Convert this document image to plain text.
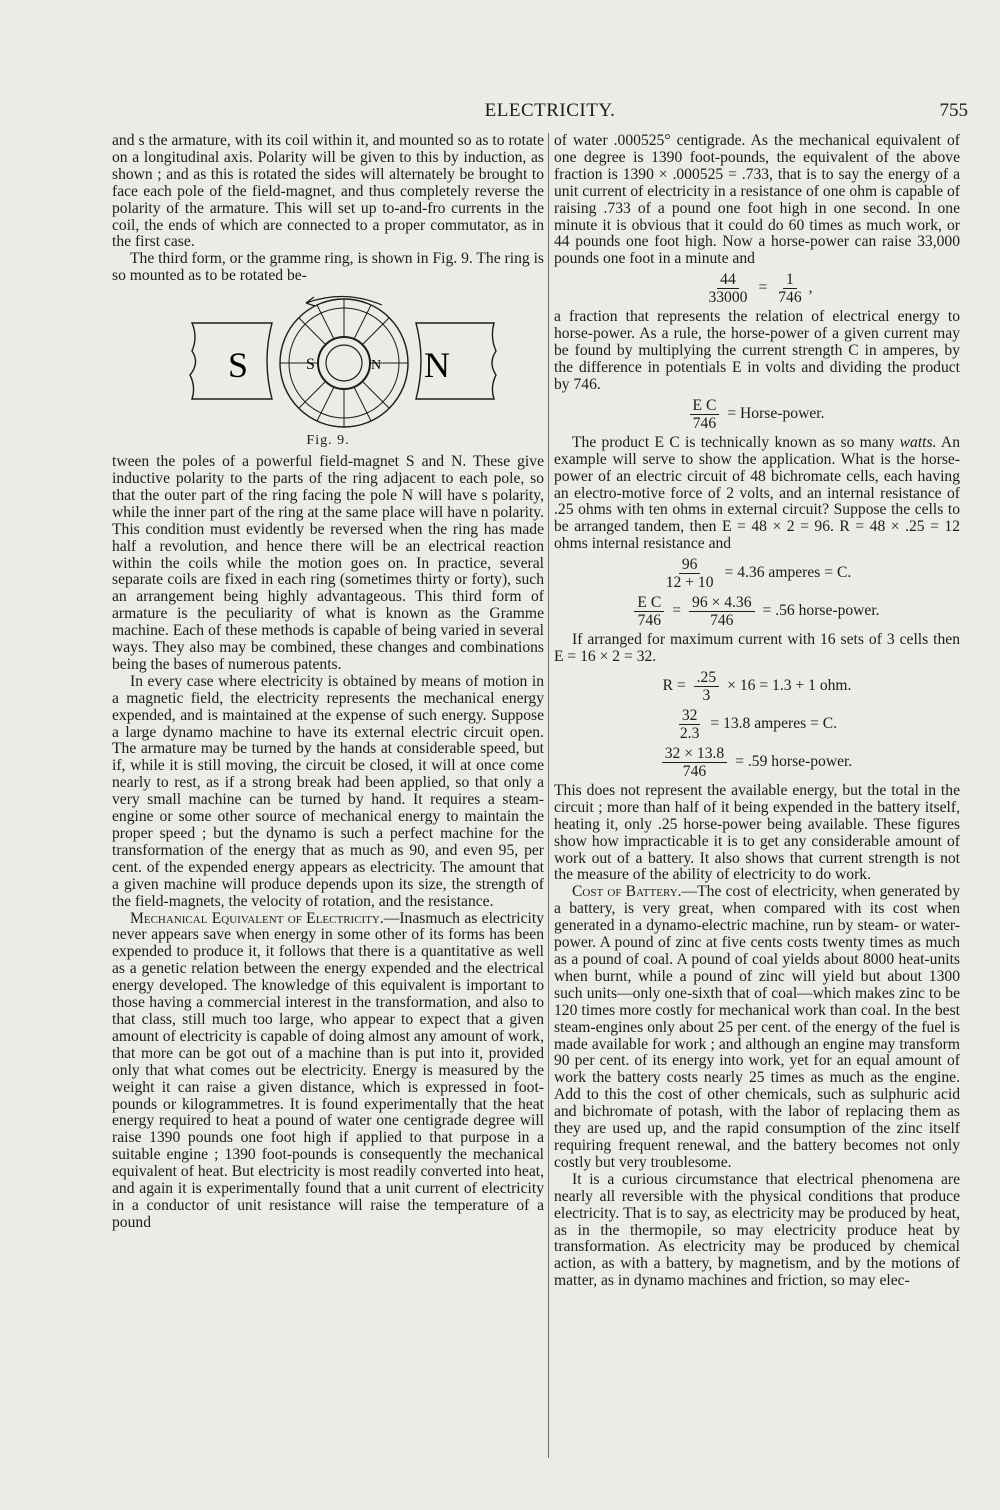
ELECTRICITY.	755

and s the armature, with its coil within it, and mounted so as to rotate on a longitudinal axis. Polarity will be given to this by induction, as shown ; and as this is rotated the sides will alternately be brought to face each pole of the field-magnet, and thus completely reverse the polarity of the armature. This will set up to-and-fro currents in the coil, the ends of which are connected to a proper commutator, as in the first case.

The third form, or the gramme ring, is shown in Fig. 9. The ring is so mounted as to be rotated be-

S	S	N N
Fig. 9.

tween the poles of a powerful field-magnet S and N. These give inductive polarity to the parts of the ring adjacent to each pole, so that the outer part of the ring facing the pole N will have s polarity, while the inner part of the ring at the same place will have n polarity. This condition must evidently be reversed when the ring has made half a revolution, and hence there will be an electrical reaction within the coils while the motion goes on. In practice, several separate coils are fixed in each ring (sometimes thirty or forty), such an arrangement being highly advantageous. This third form of armature is the peculiarity of what is known as the Gramme machine. Each of these methods is capable of being varied in several ways. They also may be combined, these changes and combinations being the bases of numerous patents.

In every case where electricity is obtained by means of motion in a magnetic field, the electricity represents the mechanical energy expended, and is maintained at the expense of such energy. Suppose a large dynamo machine to have its external electric circuit open. The armature may be turned by the hands at considerable speed, but if, while it is still moving, the circuit be closed, it will at once come nearly to rest, as if a strong break had been applied, so that only a very small machine can be turned by hand. It requires a steam-engine or some other source of mechanical energy to maintain the proper speed ; but the dynamo is such a perfect machine for the transformation of the energy that as much as 90, and even 95, per cent. of the expended energy appears as electricity. The amount that a given machine will produce depends upon its size, the strength of the field-magnets, the velocity of rotation, and the resistance.

Mechanical Equivalent of Electricity.—Inasmuch as electricity never appears save when energy in some other of its forms has been expended to produce it, it follows that there is a quantitative as well as a genetic relation between the energy expended and the electrical energy developed. The knowledge of this equivalent is important to those having a commercial interest in the transformation, and also to that class, still much too large, who appear to expect that a given amount of electricity is capable of doing almost any amount of work, that more can be got out of a machine than is put into it, provided only that what comes out be electricity. Energy is measured by the weight it can raise a given distance, which is expressed in foot-pounds or kilogrammetres. It is found experimentally that the heat energy required to heat a pound of water one centigrade degree will raise 1390 pounds one foot high if applied to that purpose in a suitable engine ; 1390 foot-pounds is consequently the mechanical equivalent of heat. But electricity is most readily converted into heat, and again it is experimentally found that a unit current of electricity in a conductor of unit resistance will raise the temperature of a pound

of water .000525° centigrade. As the mechanical equivalent of one degree is 1390 foot-pounds, the equivalent of the above fraction is 1390 × .000525 = .733, that is to say the energy of a unit current of electricity in a resistance of one ohm is capable of raising .733 of a pound one foot high in one second. In one minute it is obvious that it could do 60 times as much work, or 44 pounds one foot high. Now a horse-power can raise 33,000 pounds one foot in a minute and

$\frac{44}{33000} = \frac{1}{746}$ ,

a fraction that represents the relation of electrical energy to horse-power. As a rule, the horse-power of a given current may be found by multiplying the current strength C in amperes, by the difference in potentials E in volts and dividing the product by 746.

$\frac{\text{E C}}{746}$ = Horse-power.

The product E C is technically known as so many watts. An example will serve to show the application. What is the horse-power of an electric circuit of 48 bichromate cells, each having an electro-motive force of 2 volts, and an internal resistance of .25 ohms with ten ohms in external circuit? Suppose the cells to be arranged tandem, then E = 48 × 2 = 96. R = 48 × .25 = 12 ohms internal resistance and

$\frac{96}{12 + 10} = 4.36$ amperes = C.
$\frac{\text{E C}}{746} = \frac{96 \times 4.36}{746} = .56$ horse-power.

If arranged for maximum current with 16 sets of 3 cells then E = 16 × 2 = 32.

$R = \frac{.25}{3} \times 16 = 1.3 + 1$ ohm.
$\frac{32}{2.3} = 13.8$ amperes = C.
$\frac{32 \times 13.8}{746} = .59$ horse-power.

This does not represent the available energy, but the total in the circuit ; more than half of it being expended in the battery itself, heating it, only .25 horse-power being available. These figures show how impracticable it is to get any considerable amount of work out of a battery. It also shows that current strength is not the measure of the ability of electricity to do work.

Cost of Battery.—The cost of electricity, when generated by a battery, is very great, when compared with its cost when generated in a dynamo-electric machine, run by steam- or water-power. A pound of zinc at five cents costs twenty times as much as a pound of coal. A pound of coal yields about 8000 heat-units when burnt, while a pound of zinc will yield but about 1300 such units—only one-sixth that of coal—which makes zinc to be 120 times more costly for mechanical work than coal. In the best steam-engines only about 25 per cent. of the energy of the fuel is made available for work ; and although an engine may transform 90 per cent. of its energy into work, yet for an equal amount of work the battery costs nearly 25 times as much as the engine. Add to this the cost of other chemicals, such as sulphuric acid and bichromate of potash, with the labor of replacing them as they are used up, and the rapid consumption of the zinc itself requiring frequent renewal, and the battery becomes not only costly but very troublesome.

It is a curious circumstance that electrical phenomena are nearly all reversible with the physical conditions that produce electricity. That is to say, as electricity may be produced by heat, as in the thermopile, so may electricity produce heat by transformation. As electricity may be produced by chemical action, as with a battery, by magnetism, and by the motions of matter, as in dynamo machines and friction, so may elec-
